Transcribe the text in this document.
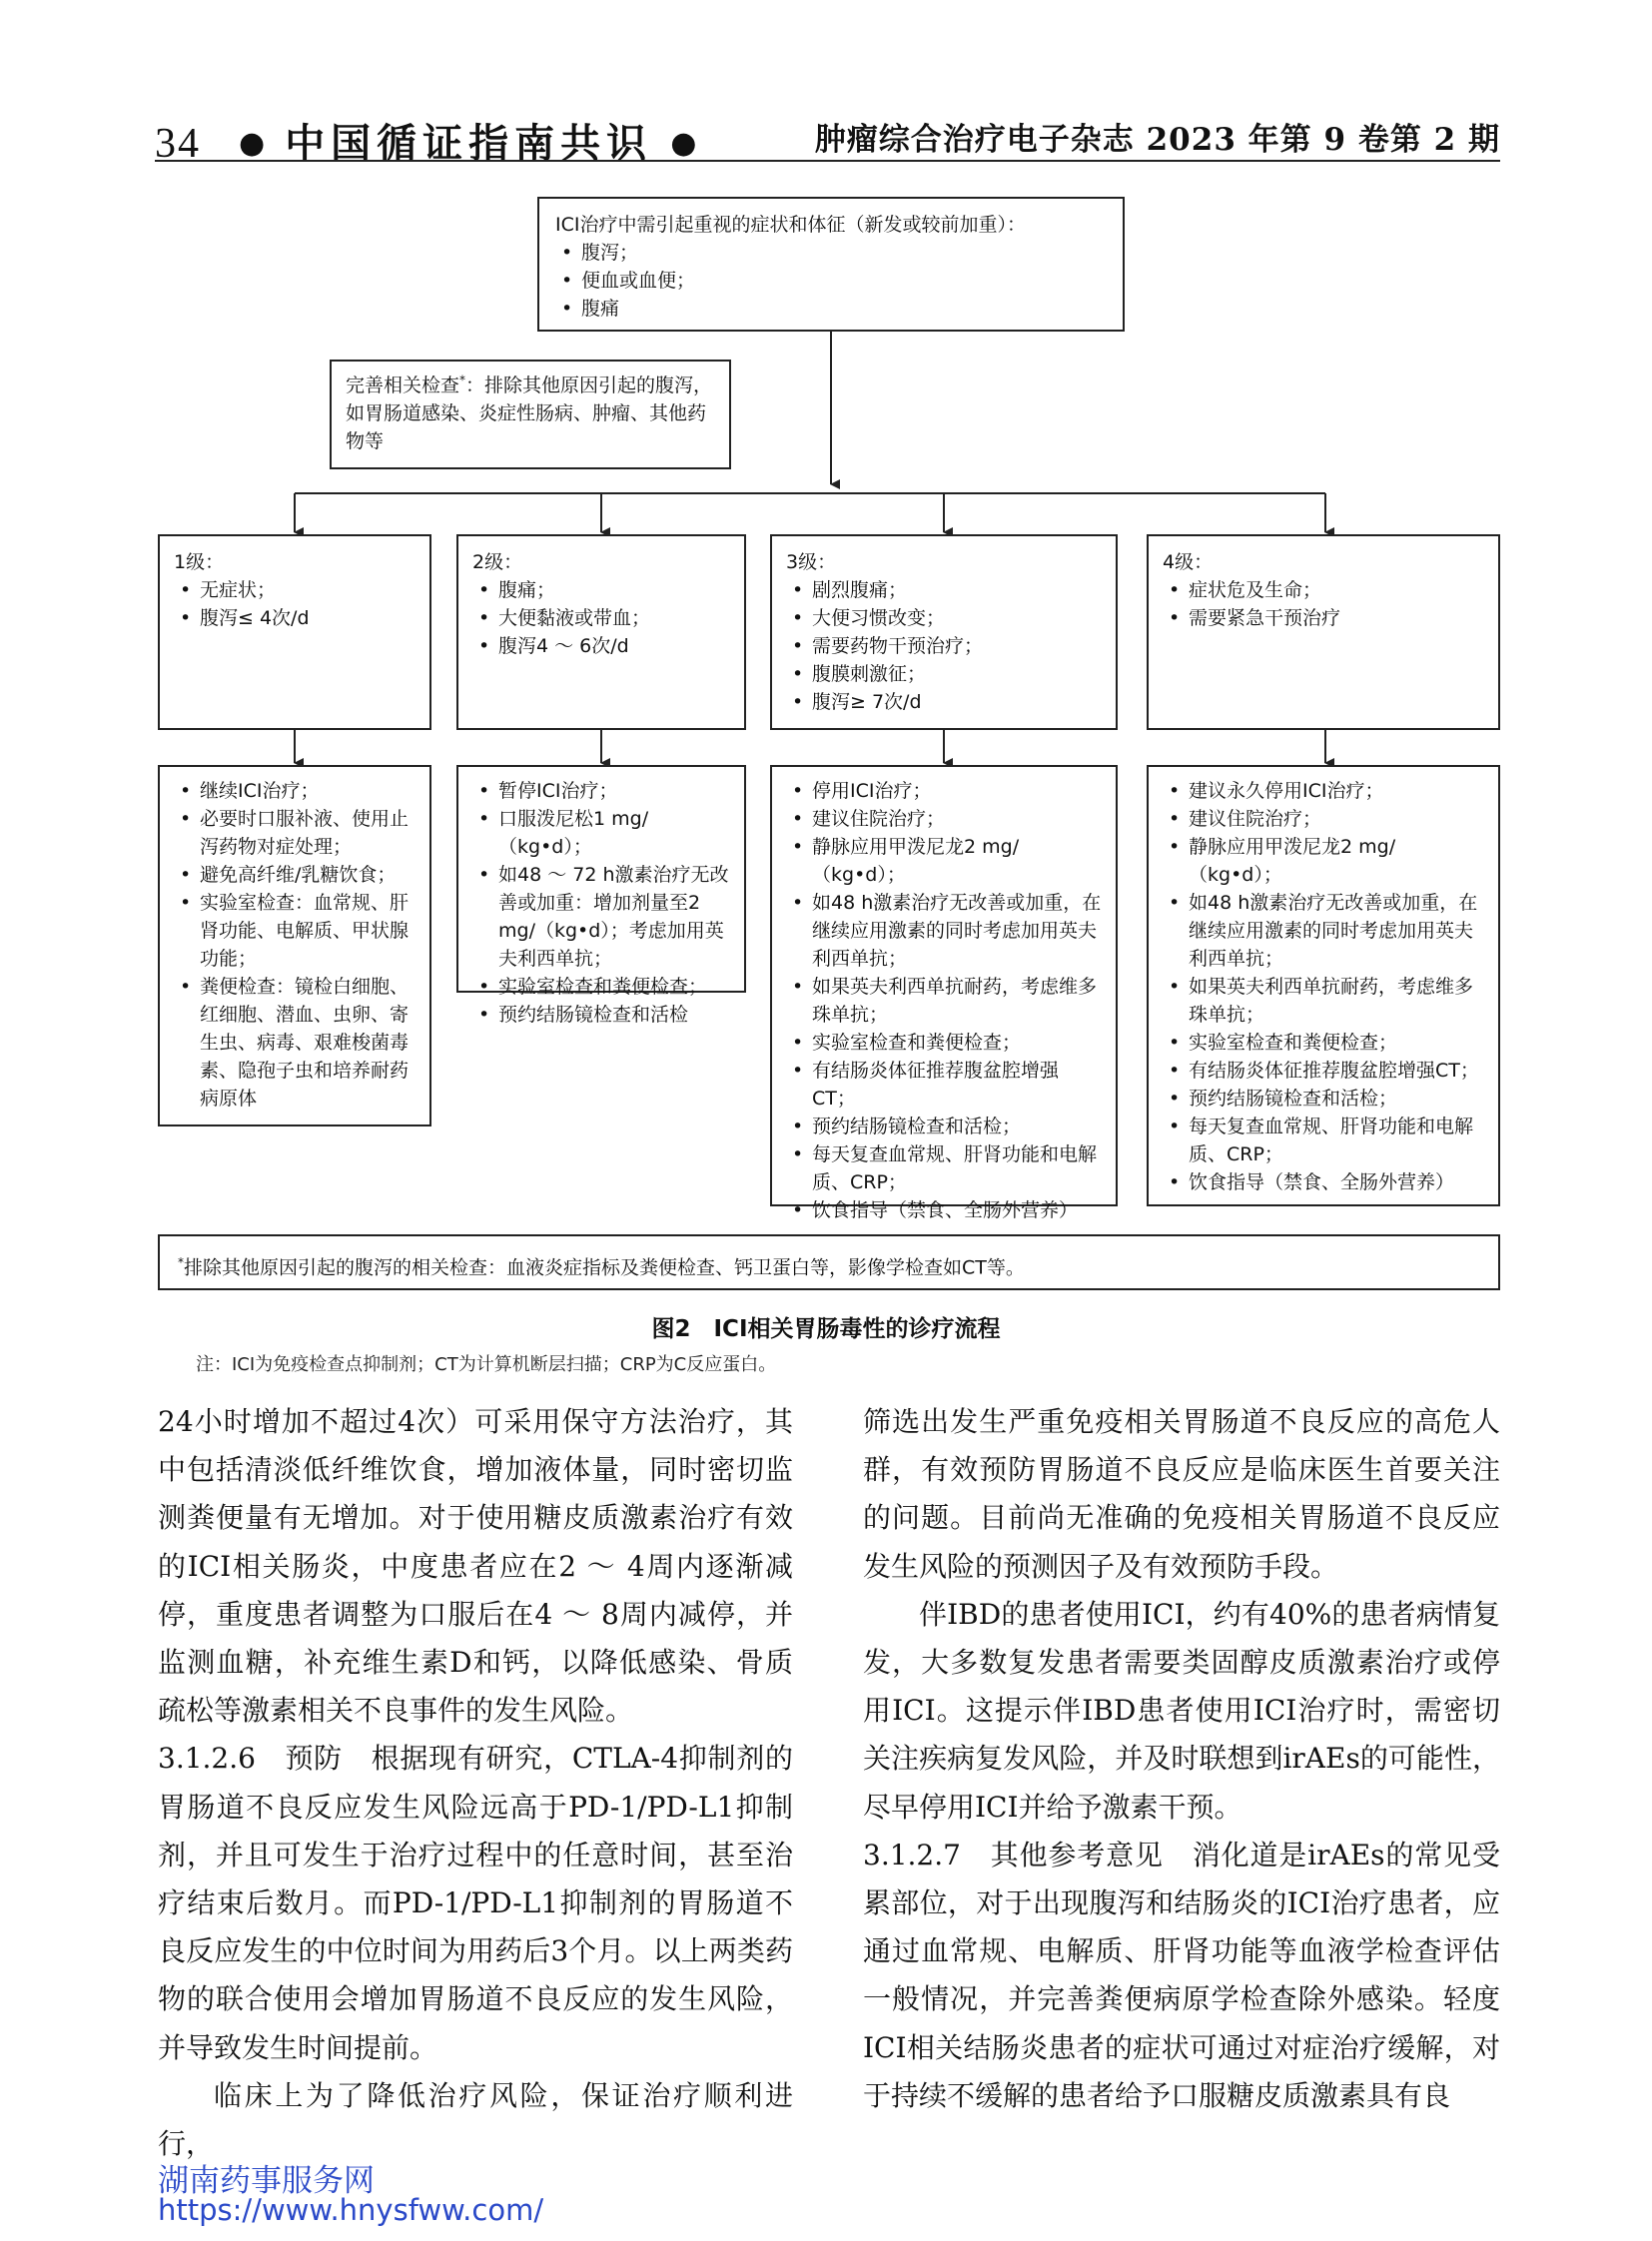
34 ● 中国循证指南共识 ●	肿瘤综合治疗电子杂志 2023 年第 9 卷第 2 期
ICI治疗中需引起重视的症状和体征（新发或较前加重）：
• 腹泻；
• 便血或血便；
• 腹痛
完善相关检查*：排除其他原因引起的腹泻，如胃肠道感染、炎症性肠病、肿瘤、其他药物等
1级：
• 无症状；
• 腹泻≤ 4次/d
2级：
• 腹痛；
• 大便黏液或带血；
• 腹泻4 ～ 6次/d
3级：
• 剧烈腹痛；
• 大便习惯改变；
• 需要药物干预治疗；
• 腹膜刺激征；
• 腹泻≥ 7次/d
4级：
• 症状危及生命；
• 需要紧急干预治疗
• 继续ICI治疗；
• 必要时口服补液、使用止泻药物对症处理；
• 避免高纤维/乳糖饮食；
• 实验室检查：血常规、肝肾功能、电解质、甲状腺功能；
• 粪便检查：镜检白细胞、红细胞、潜血、虫卵、寄生虫、病毒、艰难梭菌毒素、隐孢子虫和培养耐药病原体
• 暂停ICI治疗；
• 口服泼尼松1 mg/（kg•d）；
• 如48 ～ 72 h激素治疗无改善或加重：增加剂量至2 mg/（kg•d）；考虑加用英夫利西单抗；
• 实验室检查和粪便检查；
• 预约结肠镜检查和活检
• 停用ICI治疗；
• 建议住院治疗；
• 静脉应用甲泼尼龙2 mg/（kg•d）；
• 如48 h激素治疗无改善或加重，在继续应用激素的同时考虑加用英夫利西单抗；
• 如果英夫利西单抗耐药，考虑维多珠单抗；
• 实验室检查和粪便检查；
• 有结肠炎体征推荐腹盆腔增强CT；
• 预约结肠镜检查和活检；
• 每天复查血常规、肝肾功能和电解质、CRP；
• 饮食指导（禁食、全肠外营养）
• 建议永久停用ICI治疗；
• 建议住院治疗；
• 静脉应用甲泼尼龙2 mg/（kg•d）；
• 如48 h激素治疗无改善或加重，在继续应用激素的同时考虑加用英夫利西单抗；
• 如果英夫利西单抗耐药，考虑维多珠单抗；
• 实验室检查和粪便检查；
• 有结肠炎体征推荐腹盆腔增强CT；
• 预约结肠镜检查和活检；
• 每天复查血常规、肝肾功能和电解质、CRP；
• 饮食指导（禁食、全肠外营养）
*排除其他原因引起的腹泻的相关检查：血液炎症指标及粪便检查、钙卫蛋白等，影像学检查如CT等。
图2　ICI相关胃肠毒性的诊疗流程
注：ICI为免疫检查点抑制剂；CT为计算机断层扫描；CRP为C反应蛋白。

24小时增加不超过4次）可采用保守方法治疗，其中包括清淡低纤维饮食，增加液体量，同时密切监测粪便量有无增加。对于使用糖皮质激素治疗有效的ICI相关肠炎，中度患者应在2 ～ 4周内逐渐减停，重度患者调整为口服后在4 ～ 8周内减停，并监测血糖，补充维生素D和钙，以降低感染、骨质疏松等激素相关不良事件的发生风险。

3.1.2.6　预防　根据现有研究，CTLA-4抑制剂的胃肠道不良反应发生风险远高于PD-1/PD-L1抑制剂，并且可发生于治疗过程中的任意时间，甚至治疗结束后数月。而PD-1/PD-L1抑制剂的胃肠道不良反应发生的中位时间为用药后3个月。以上两类药物的联合使用会增加胃肠道不良反应的发生风险，并导致发生时间提前。

临床上为了降低治疗风险，保证治疗顺利进行，

筛选出发生严重免疫相关胃肠道不良反应的高危人群，有效预防胃肠道不良反应是临床医生首要关注的问题。目前尚无准确的免疫相关胃肠道不良反应发生风险的预测因子及有效预防手段。

伴IBD的患者使用ICI，约有40%的患者病情复发，大多数复发患者需要类固醇皮质激素治疗或停用ICI。这提示伴IBD患者使用ICI治疗时，需密切关注疾病复发风险，并及时联想到irAEs的可能性，尽早停用ICI并给予激素干预。

3.1.2.7　其他参考意见　消化道是irAEs的常见受累部位，对于出现腹泻和结肠炎的ICI治疗患者，应通过血常规、电解质、肝肾功能等血液学检查评估一般情况，并完善粪便病原学检查除外感染。轻度ICI相关结肠炎患者的症状可通过对症治疗缓解，对于持续不缓解的患者给予口服糖皮质激素具有良

湖南药事服务网
https://www.hnysfww.com/
